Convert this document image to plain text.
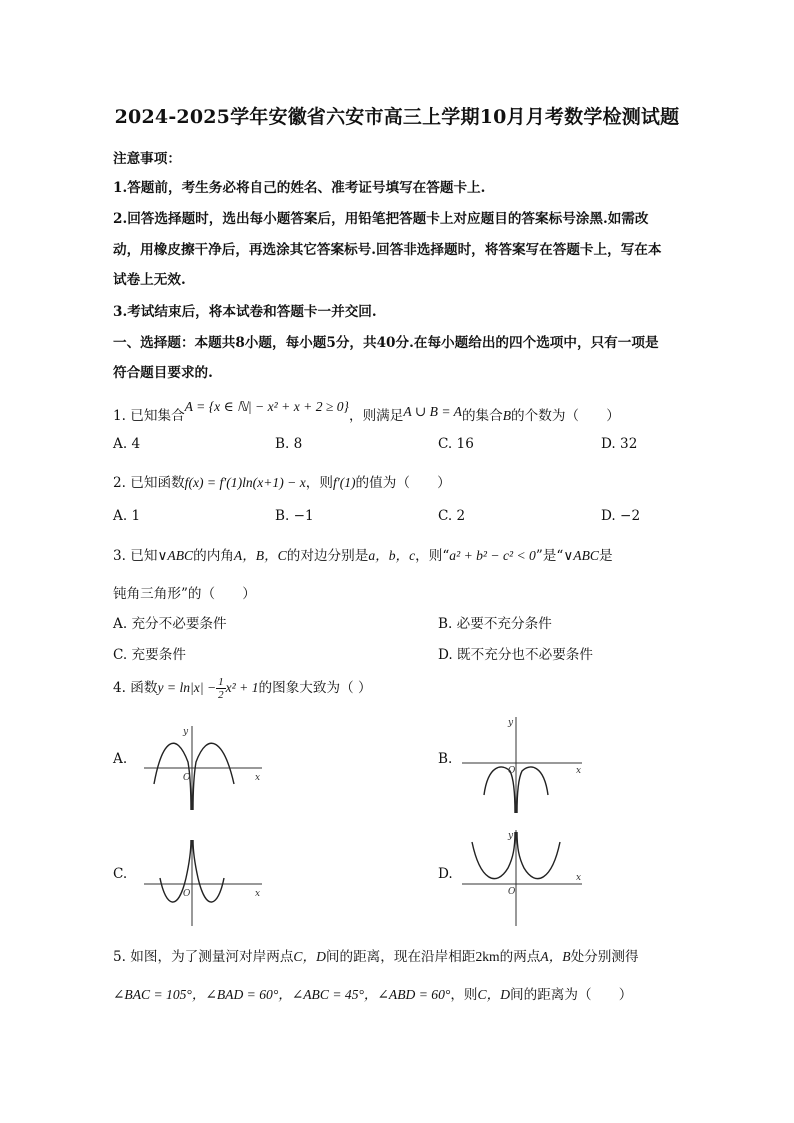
2024-2025学年安徽省六安市高三上学期10月月考数学检测试题
注意事项：
1.答题前，考生务必将自己的姓名、准考证号填写在答题卡上.
2.回答选择题时，选出每小题答案后，用铅笔把答题卡上对应题目的答案标号涂黑.如需改
动，用橡皮擦干净后，再选涂其它答案标号.回答非选择题时，将答案写在答题卡上，写在本
试卷上无效.
3.考试结束后，将本试卷和答题卡一并交回.
一、选择题：本题共8小题，每小题5分，共40分.在每小题给出的四个选项中，只有一项是
符合题目要求的.
1. 已知集合A = {x ∈ ℕ| − x² + x + 2 ≥ 0}，则满足A ∪ B = A的集合B的个数为（　　）
A. 4	B. 8	C. 16	D. 32
2. 已知函数f(x) = f′(1)ln(x+1) − x，则f′(1)的值为（　　）
A. 1	B. −1	C. 2	D. −2
3. 已知∨ABC的内角A，B，C的对边分别是a，b，c，则“a² + b² − c² < 0”是“∨ABC是
钝角三角形”的（　　）
A. 充分不必要条件	B. 必要不充分条件
C. 充要条件	D. 既不充分也不必要条件
4. 函数$y = \ln|x| - \frac{1}{2} x^2 + 1$的图象大致为（ ）
A.	B.
C.	D.
x
y
O
x
y
O
x
O
x
y
O
5. 如图，为了测量河对岸两点C，D间的距离，现在沿岸相距2km的两点A，B处分别测得
∠BAC = 105°，∠BAD = 60°，∠ABC = 45°，∠ABD = 60°，则C，D间的距离为（　　）
